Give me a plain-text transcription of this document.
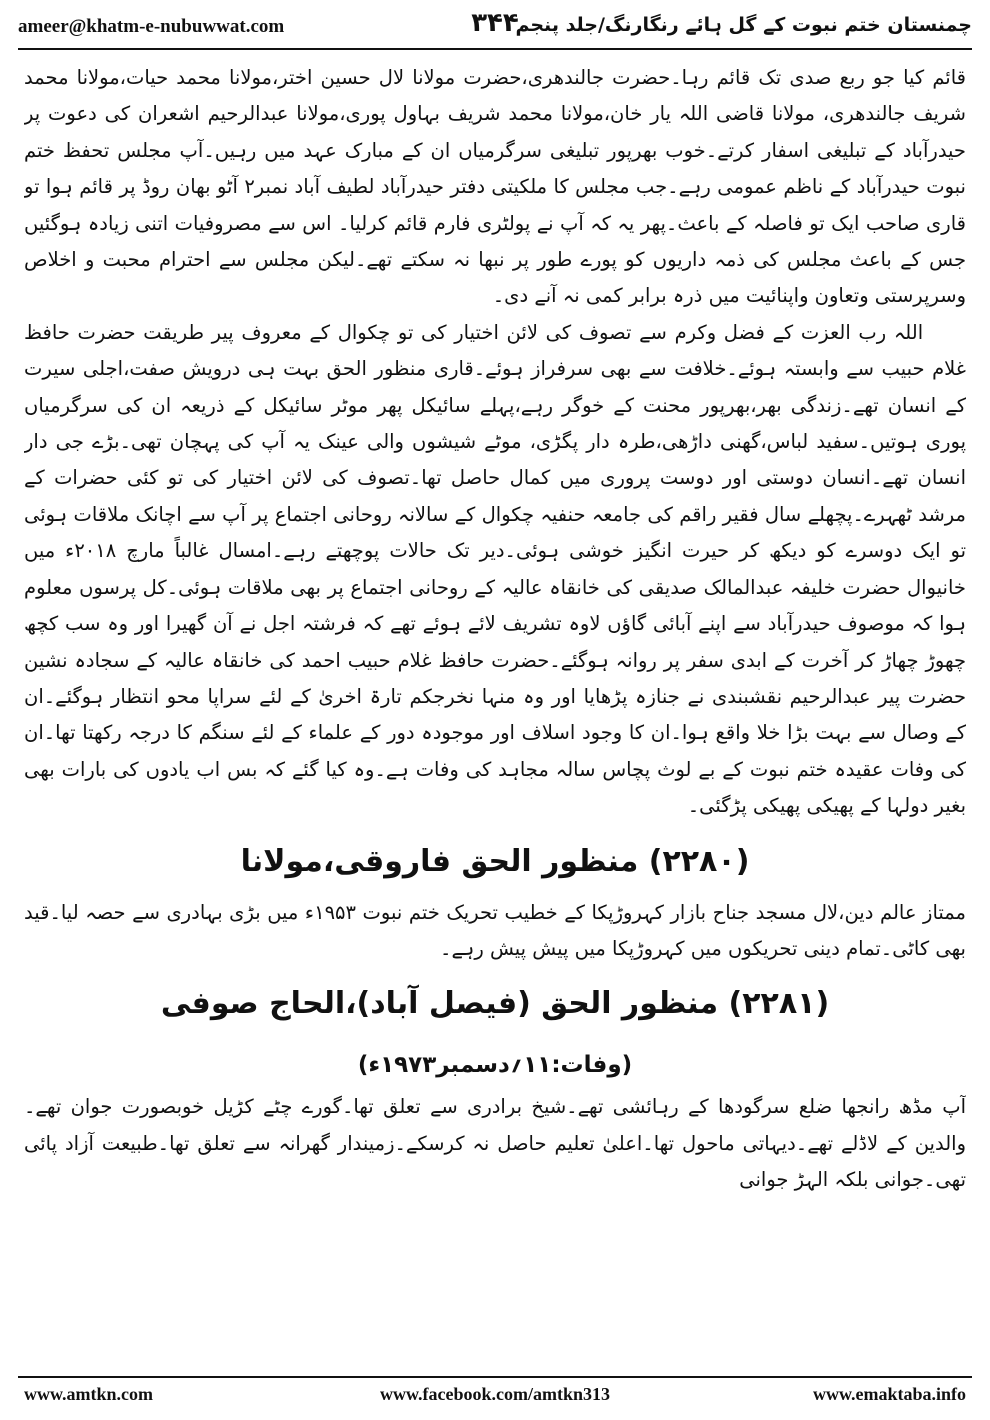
ameer@khatm-e-nubuwwat.com	۳۴۴
چمنستان ختم نبوت کے گل ہائے رنگارنگ/جلد پنجم

قائم کیا جو ربع صدی تک قائم رہا۔حضرت جالندھری،حضرت مولانا لال حسین اختر،مولانا محمد حیات،مولانا محمد شریف جالندھری، مولانا قاضی اللہ یار خان،مولانا محمد شریف بہاول پوری،مولانا عبدالرحیم اشعران کی دعوت پر حیدرآباد کے تبلیغی اسفار کرتے۔خوب بھرپور تبلیغی سرگرمیاں ان کے مبارک عہد میں رہیں۔آپ مجلس تحفظ ختم نبوت حیدرآباد کے ناظم عمومی رہے۔جب مجلس کا ملکیتی دفتر حیدرآباد لطیف آباد نمبر۲ آٹو بھان روڈ پر قائم ہوا تو قاری صاحب ایک تو فاصلہ کے باعث۔پھر یہ کہ آپ نے پولٹری فارم قائم کرلیا۔ اس سے مصروفیات اتنی زیادہ ہوگئیں جس کے باعث مجلس کی ذمہ داریوں کو پورے طور پر نبھا نہ سکتے تھے۔لیکن مجلس سے احترام محبت و اخلاص وسرپرستی وتعاون واپنائیت میں ذرہ برابر کمی نہ آنے دی۔

اللہ رب العزت کے فضل وکرم سے تصوف کی لائن اختیار کی تو چکوال کے معروف پیر طریقت حضرت حافظ غلام حبیب سے وابستہ ہوئے۔خلافت سے بھی سرفراز ہوئے۔قاری منظور الحق بہت ہی درویش صفت،اجلی سیرت کے انسان تھے۔زندگی بھر،بھرپور محنت کے خوگر رہے،پہلے سائیکل پھر موٹر سائیکل کے ذریعہ ان کی سرگرمیاں پوری ہوتیں۔سفید لباس،گھنی داڑھی،طرہ دار پگڑی، موٹے شیشوں والی عینک یہ آپ کی پہچان تھی۔بڑے جی دار انسان تھے۔انسان دوستی اور دوست پروری میں کمال حاصل تھا۔تصوف کی لائن اختیار کی تو کئی حضرات کے مرشد ٹھہرے۔پچھلے سال فقیر راقم کی جامعہ حنفیہ چکوال کے سالانہ روحانی اجتماع پر آپ سے اچانک ملاقات ہوئی تو ایک دوسرے کو دیکھ کر حیرت انگیز خوشی ہوئی۔دیر تک حالات پوچھتے رہے۔امسال غالباً مارچ ۲۰۱۸ء میں خانیوال حضرت خلیفہ عبدالمالک صدیقی کی خانقاہ عالیہ کے روحانی اجتماع پر بھی ملاقات ہوئی۔کل پرسوں معلوم ہوا کہ موصوف حیدرآباد سے اپنے آبائی گاؤں لاوہ تشریف لائے ہوئے تھے کہ فرشتہ اجل نے آن گھیرا اور وہ سب کچھ چھوڑ چھاڑ کر آخرت کے ابدی سفر پر روانہ ہوگئے۔حضرت حافظ غلام حبیب احمد کی خانقاہ عالیہ کے سجادہ نشین حضرت پیر عبدالرحیم نقشبندی نے جنازہ پڑھایا اور وہ منہا نخرجکم تارۃ اخریٰ کے لئے سراپا محو انتظار ہوگئے۔ان کے وصال سے بہت بڑا خلا واقع ہوا۔ان کا وجود اسلاف اور موجودہ دور کے علماء کے لئے سنگم کا درجہ رکھتا تھا۔ان کی وفات عقیدہ ختم نبوت کے بے لوث پچاس سالہ مجاہد کی وفات ہے۔وہ کیا گئے کہ بس اب یادوں کی بارات بھی بغیر دولہا کے پھیکی پھیکی پڑگئی۔

(۲۲۸۰) منظور الحق فاروقی،مولانا

ممتاز عالم دین،لال مسجد جناح بازار کہروڑپکا کے خطیب تحریک ختم نبوت ۱۹۵۳ء میں بڑی بہادری سے حصہ لیا۔قید بھی کاٹی۔تمام دینی تحریکوں میں کہروڑپکا میں پیش پیش رہے۔

(۲۲۸۱) منظور الحق (فیصل آباد)،الحاج صوفی
(وفات:۱۱؍دسمبر۱۹۷۳ء)

آپ مڈھ رانجھا ضلع سرگودھا کے رہائشی تھے۔شیخ برادری سے تعلق تھا۔گورے چٹے کڑیل خوبصورت جوان تھے۔والدین کے لاڈلے تھے۔دیہاتی ماحول تھا۔اعلیٰ تعلیم حاصل نہ کرسکے۔زمیندار گھرانہ سے تعلق تھا۔طبیعت آزاد پائی تھی۔جوانی بلکہ الہڑ جوانی

www.amtkn.com	www.facebook.com/amtkn313	www.emaktaba.info
